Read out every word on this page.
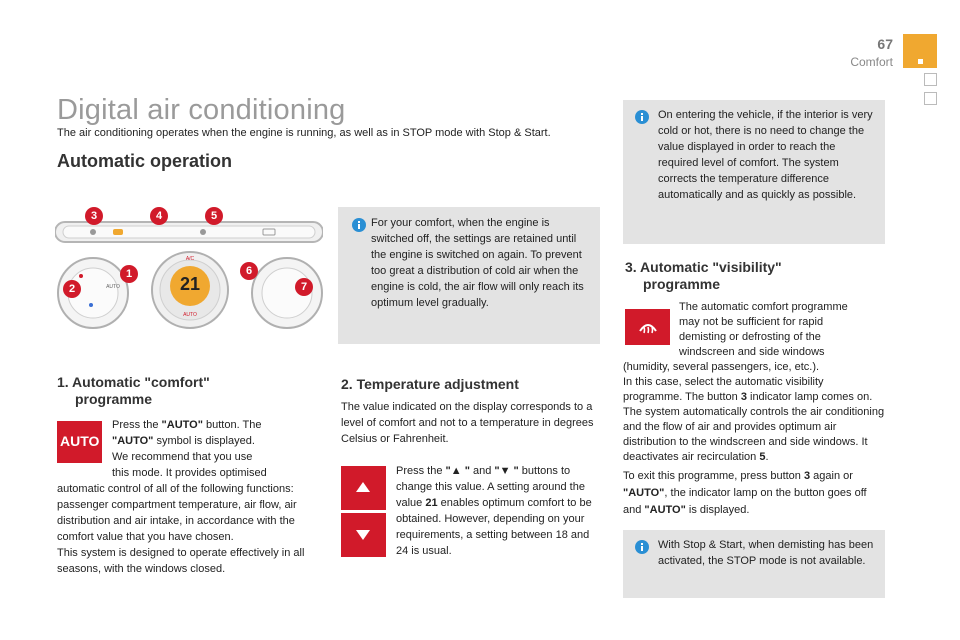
67
Comfort
Digital air conditioning
The air conditioning operates when the engine is running, as well as in STOP mode with Stop & Start.
Automatic operation
21
A/C
AUTO
AUTO
3	4	5
1
2
6
7
For your comfort, when the engine is switched off, the settings are retained until the engine is switched on again. To prevent too great a distribution of cold air when the engine is cold, the air flow will only reach its optimum level gradually.
1. Automatic "comfort"
programme
AUTO
Press the "AUTO" button. The
"AUTO" symbol is displayed.
We recommend that you use
this mode. It provides optimised
automatic control of all of the following functions: passenger compartment temperature, air flow, air distribution and air intake, in accordance with the comfort value that you have chosen.
This system is designed to operate effectively in all seasons, with the windows closed.
2. Temperature adjustment
The value indicated on the display corresponds to a level of comfort and not to a temperature in degrees Celsius or Fahrenheit.
Press the "▲ " and "▼ " buttons to change this value. A setting around the value 21 enables optimum comfort to be obtained. However, depending on your requirements, a setting between 18 and 24 is usual.
On entering the vehicle, if the interior is very cold or hot, there is no need to change the value displayed in order to reach the required level of comfort. The system corrects the temperature difference automatically and as quickly as possible.
3. Automatic "visibility"
programme
The automatic comfort programme
may not be sufficient for rapid
demisting or defrosting of the
windscreen and side windows
(humidity, several passengers, ice, etc.).
In this case, select the automatic visibility programme. The button 3 indicator lamp comes on.
The system automatically controls the air conditioning and the flow of air and provides optimum air distribution to the windscreen and side windows. It deactivates air recirculation 5.
To exit this programme, press button 3 again or "AUTO", the indicator lamp on the button goes off and "AUTO" is displayed.
With Stop & Start, when demisting has been activated, the STOP mode is not available.
